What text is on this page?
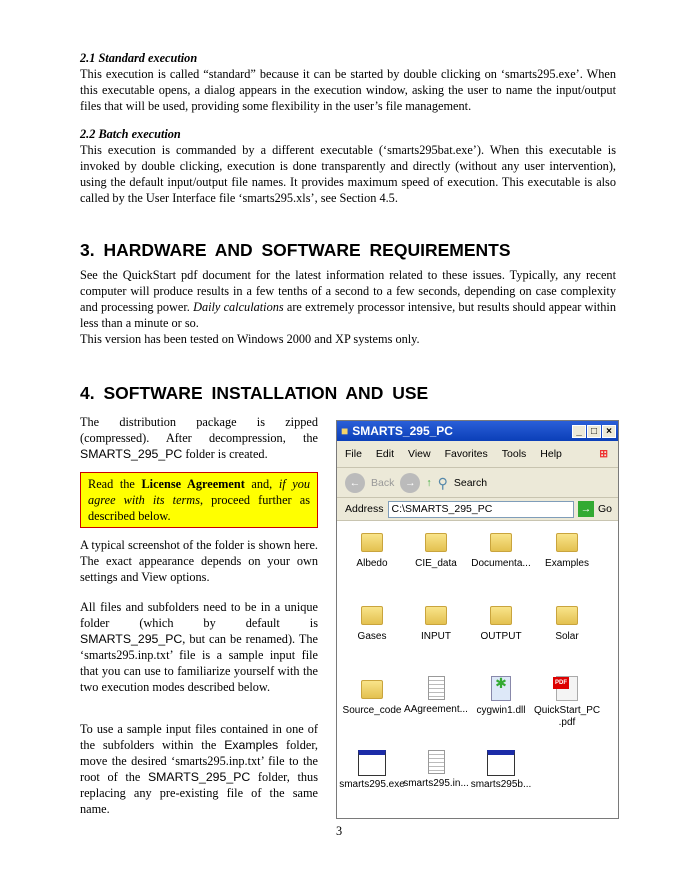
2.1 Standard execution
This execution is called “standard” because it can be started by double clicking on ‘smarts295.exe’. When this executable opens, a dialog appears in the execution window, asking the user to name the input/output files that will be used, providing some flexibility in the user’s file management.
2.2 Batch execution
This execution is commanded by a different executable (‘smarts295bat.exe’). When this executable is invoked by double clicking, execution is done transparently and directly (without any user intervention), using the default input/output file names. It provides maximum speed of execution. This executable is also called by the User Interface file ‘smarts295.xls’, see Section 4.5.
3. HARDWARE AND SOFTWARE REQUIREMENTS
See the QuickStart pdf document for the latest information related to these issues. Typically, any recent computer will produce results in a few tenths of a second to a few seconds, depending on case complexity and processing power. Daily calculations are extremely processor intensive, but results should appear within less than a minute or so.
This version has been tested on Windows 2000 and XP systems only.
4. SOFTWARE INSTALLATION AND USE
The distribution package is zipped (compressed). After decompression, the SMARTS_295_PC folder is created.
Read the License Agreement and, if you agree with its terms, proceed further as described below.
A typical screenshot of the folder is shown here. The exact appearance depends on your own settings and View options.
All files and subfolders need to be in a unique folder (which by default is SMARTS_295_PC, but can be renamed). The ‘smarts295.inp.txt’ file is a sample input file that you can use to familiarize yourself with the two execution modes described below.
To use a sample input files contained in one of the subfolders within the Examples folder, move the desired ‘smarts295.inp.txt’ file to the root of the SMARTS_295_PC folder, thus replacing any pre-existing file of the same name.
■ SMARTS_295_PC	_ □ ×
File Edit View Favorites Tools Help	⊞
←	Back	→	↑ ⚲ Search
Address C:\SMARTS_295_PC	→ Go
Albedo	CIE_data	Documenta...	Examples
Gases	INPUT	OUTPUT	Solar
Source_code AAgreement...
✱
cygwin1.dll
PDF
QuickStart_PC .pdf
smarts295.exe
smarts295.in... smarts295b...
3
